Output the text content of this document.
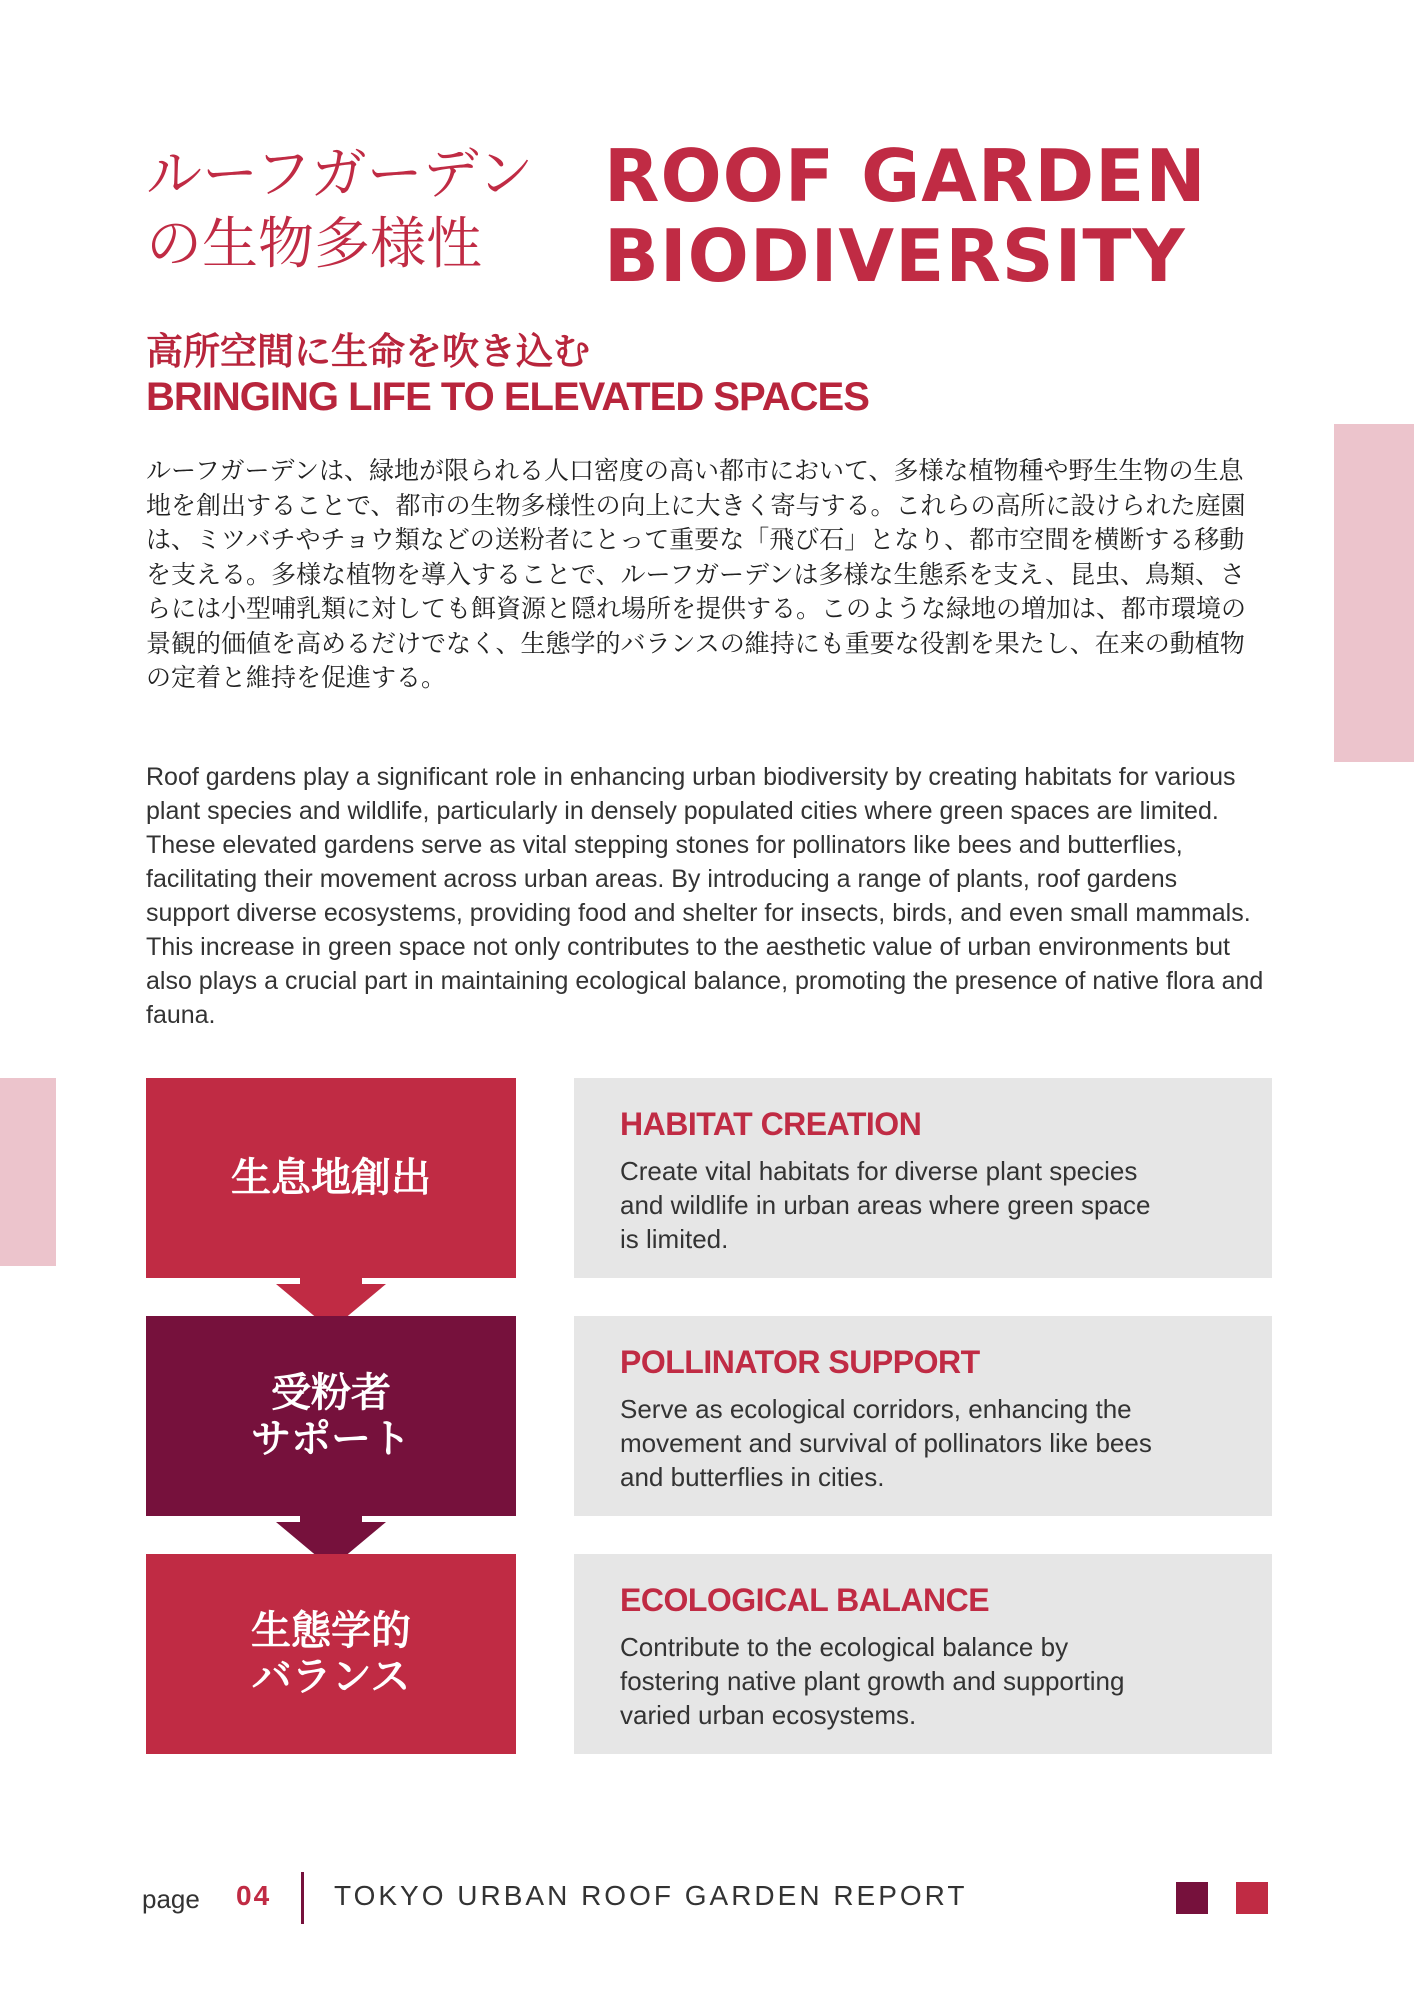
ルーフガーデン
の生物多様性
ROOF GARDEN
BIODIVERSITY
高所空間に生命を吹き込む
BRINGING LIFE TO ELEVATED SPACES

ルーフガーデンは、緑地が限られる人口密度の高い都市において、多様な植物種や野生生物の生息地を創出することで、都市の生物多様性の向上に大きく寄与する。これらの高所に設けられた庭園は、ミツバチやチョウ類などの送粉者にとって重要な「飛び石」となり、都市空間を横断する移動を支える。多様な植物を導入することで、ルーフガーデンは多様な生態系を支え、昆虫、鳥類、さらには小型哺乳類に対しても餌資源と隠れ場所を提供する。このような緑地の増加は、都市環境の景観的価値を高めるだけでなく、生態学的バランスの維持にも重要な役割を果たし、在来の動植物の定着と維持を促進する。

Roof gardens play a significant role in enhancing urban biodiversity by creating habitats for various plant species and wildlife, particularly in densely populated cities where green spaces are limited. These elevated gardens serve as vital stepping stones for pollinators like bees and butterflies, facilitating their movement across urban areas. By introducing a range of plants, roof gardens support diverse ecosystems, providing food and shelter for insects, birds, and even small mammals. This increase in green space not only contributes to the aesthetic value of urban environments but also plays a crucial part in maintaining ecological balance, promoting the presence of native flora and fauna.

生息地創出
HABITAT CREATION

Create vital habitats for diverse plant species
and wildlife in urban areas where green space
is limited.

受粉者
サポート
POLLINATOR SUPPORT

Serve as ecological corridors, enhancing the
movement and survival of pollinators like bees
and butterflies in cities.

生態学的
バランス
ECOLOGICAL BALANCE

Contribute to the ecological balance by
fostering native plant growth and supporting
varied urban ecosystems.

page 04 TOKYO URBAN ROOF GARDEN REPORT
